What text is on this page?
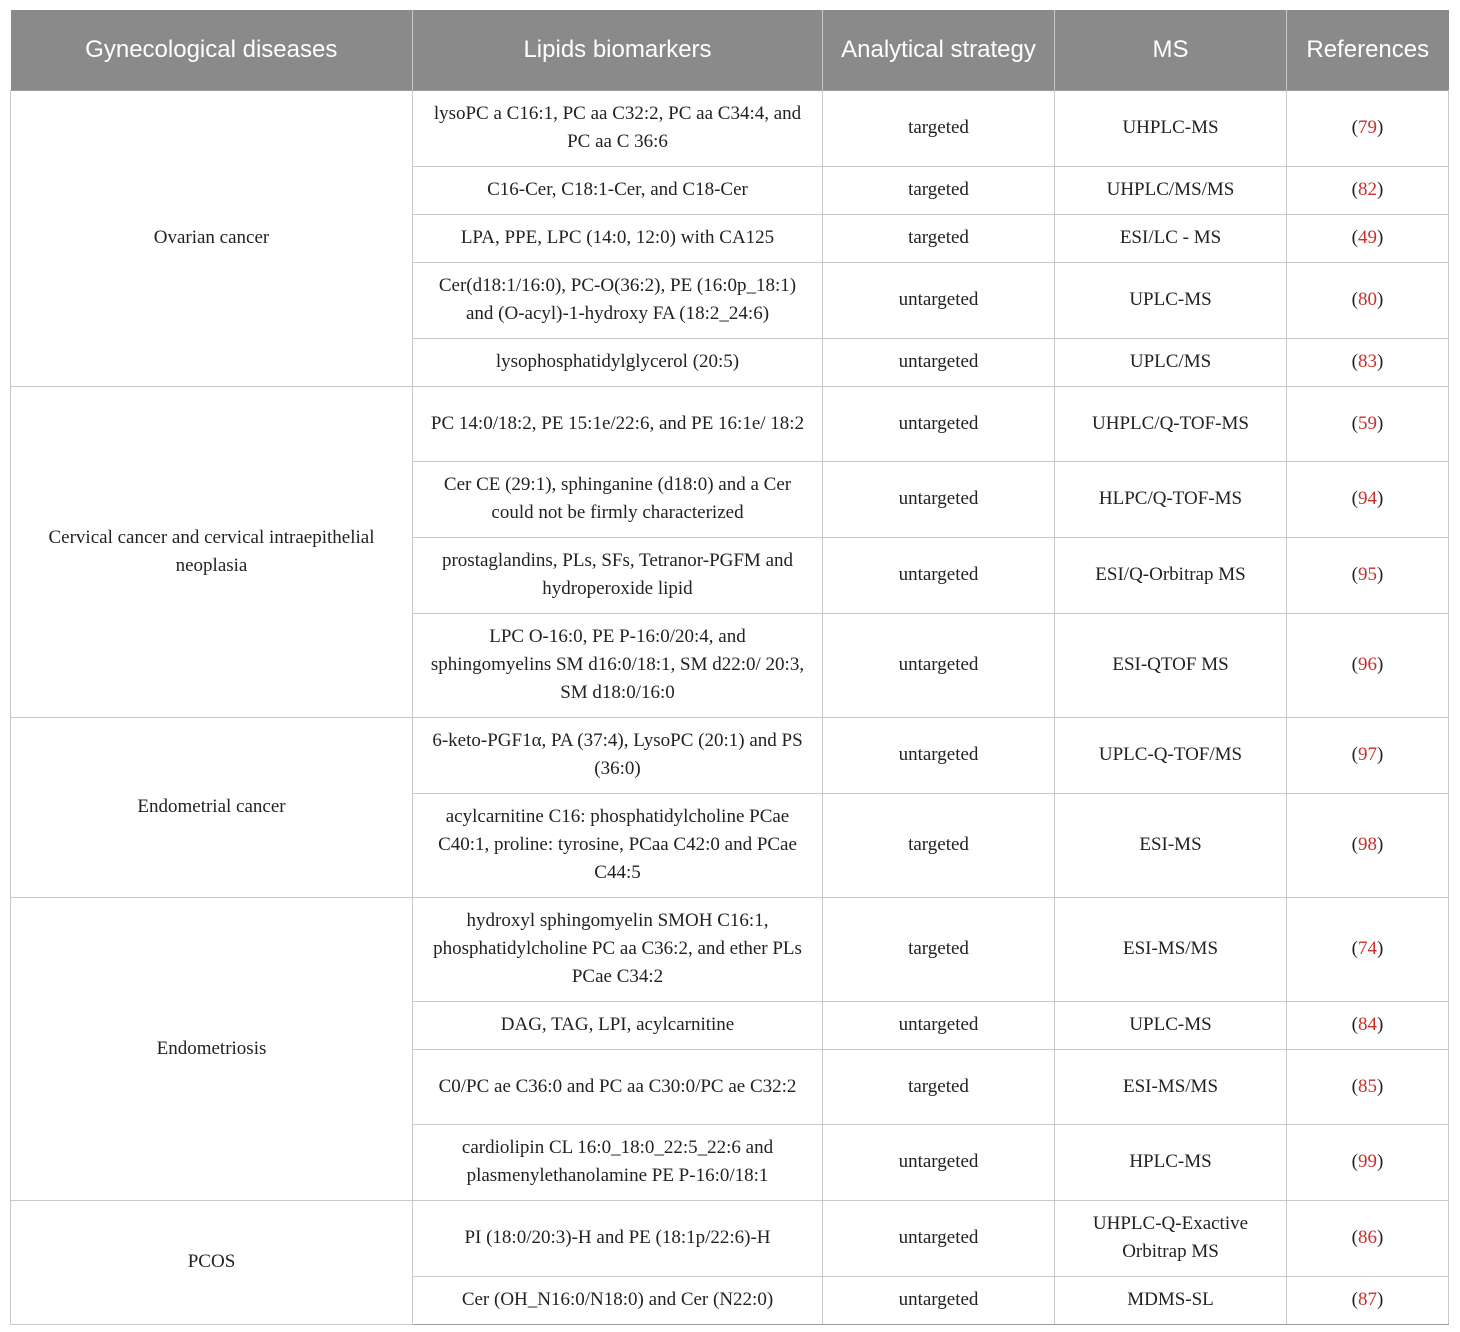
Gynecological diseases	Lipids biomarkers	Analytical strategy	MS	References
Ovarian cancer	lysoPC a C16:1, PC aa C32:2, PC aa C34:4, and PC aa C 36:6	targeted	UHPLC-MS	(79)
	C16-Cer, C18:1-Cer, and C18-Cer	targeted	UHPLC/MS/MS	(82)
	LPA, PPE, LPC (14:0, 12:0) with CA125	targeted	ESI/LC - MS	(49)
	Cer(d18:1/16:0), PC-O(36:2), PE (16:0p_18:1) and (O-acyl)-1-hydroxy FA (18:2_24:6)	untargeted	UPLC-MS	(80)
	lysophosphatidylglycerol (20:5)	untargeted	UPLC/MS	(83)
Cervical cancer and cervical intraepithelial neoplasia	PC 14:0/18:2, PE 15:1e/22:6, and PE 16:1e/ 18:2	untargeted	UHPLC/Q-TOF-MS	(59)
	Cer CE (29:1), sphinganine (d18:0) and a Cer could not be firmly characterized	untargeted	HLPC/Q-TOF-MS	(94)
	prostaglandins, PLs, SFs, Tetranor-PGFM and hydroperoxide lipid	untargeted	ESI/Q-Orbitrap MS	(95)
	LPC O-16:0, PE P-16:0/20:4, and sphingomyelins SM d16:0/18:1, SM d22:0/ 20:3, SM d18:0/16:0	untargeted	ESI-QTOF MS	(96)
Endometrial cancer	6-keto-PGF1α, PA (37:4), LysoPC (20:1) and PS (36:0)	untargeted	UPLC-Q-TOF/MS	(97)
	acylcarnitine C16: phosphatidylcholine PCae C40:1, proline: tyrosine, PCaa C42:0 and PCae C44:5	targeted	ESI-MS	(98)
Endometriosis	hydroxyl sphingomyelin SMOH C16:1, phosphatidylcholine PC aa C36:2, and ether PLs PCae C34:2	targeted	ESI-MS/MS	(74)
	DAG, TAG, LPI, acylcarnitine	untargeted	UPLC-MS	(84)
	C0/PC ae C36:0 and PC aa C30:0/PC ae C32:2	targeted	ESI-MS/MS	(85)
	cardiolipin CL 16:0_18:0_22:5_22:6 and plasmenylethanolamine PE P-16:0/18:1	untargeted	HPLC-MS	(99)
PCOS	PI (18:0/20:3)-H and PE (18:1p/22:6)-H	untargeted	UHPLC-Q-Exactive Orbitrap MS	(86)
	Cer (OH_N16:0/N18:0) and Cer (N22:0)	untargeted	MDMS-SL	(87)
